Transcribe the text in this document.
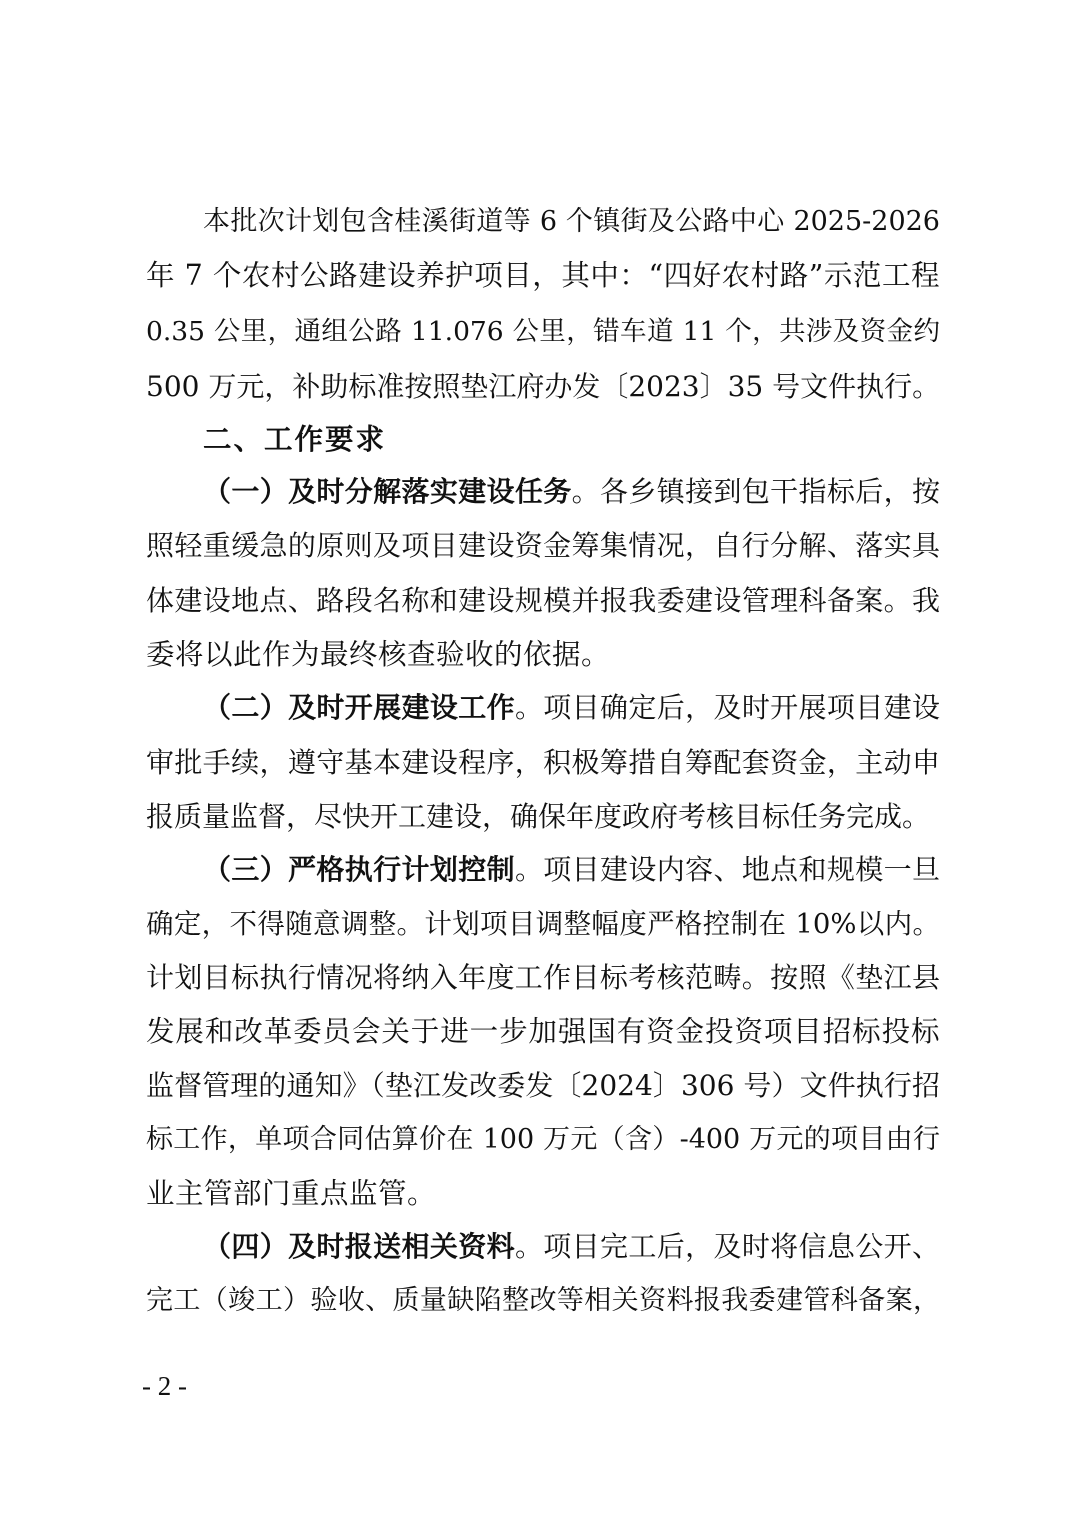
本批次计划包含桂溪街道等 6 个镇街及公路中心 2025-2026
年 7 个农村公路建设养护项目，其中：“四好农村路”示范工程
0.35 公里，通组公路 11.076 公里，错车道 11 个，共涉及资金约
500 万元，补助标准按照垫江府办发〔2023〕35 号文件执行。
二、工作要求
（一）及时分解落实建设任务。各乡镇接到包干指标后，按
照轻重缓急的原则及项目建设资金筹集情况，自行分解、落实具
体建设地点、路段名称和建设规模并报我委建设管理科备案。我
委将以此作为最终核查验收的依据。
（二）及时开展建设工作。项目确定后，及时开展项目建设
审批手续，遵守基本建设程序，积极筹措自筹配套资金，主动申
报质量监督，尽快开工建设，确保年度政府考核目标任务完成。
（三）严格执行计划控制。项目建设内容、地点和规模一旦
确定，不得随意调整。计划项目调整幅度严格控制在 10%以内。
计划目标执行情况将纳入年度工作目标考核范畴。按照《垫江县
发展和改革委员会关于进一步加强国有资金投资项目招标投标
监督管理的通知》（垫江发改委发〔2024〕306 号）文件执行招
标工作，单项合同估算价在 100 万元（含）-400 万元的项目由行
业主管部门重点监管。
（四）及时报送相关资料。项目完工后，及时将信息公开、
完工（竣工）验收、质量缺陷整改等相关资料报我委建管科备案，
- 2 -
